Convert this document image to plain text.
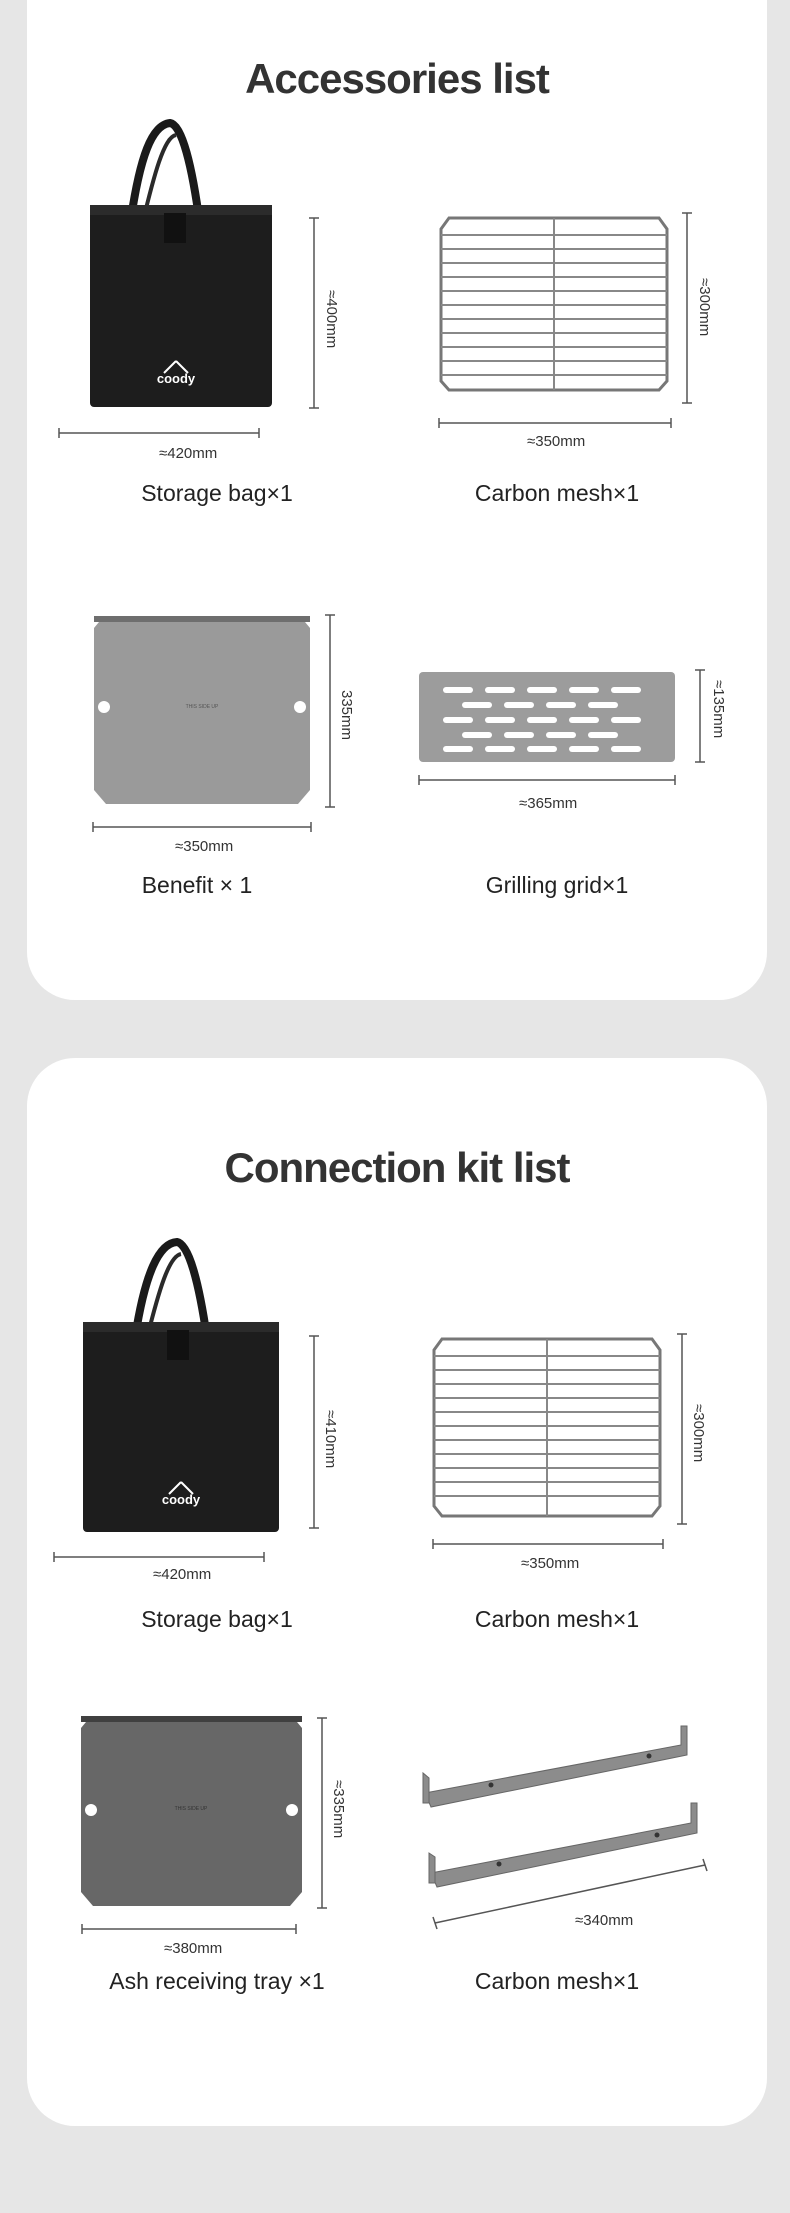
Accessories list
coody
≈420mm
≈400mm
Storage bag×1
≈350mm
≈300mm
Carbon mesh×1
THIS SIDE UP
≈350mm
335mm
Benefit × 1
≈365mm
≈135mm
Grilling grid×1
Connection kit list
coody
≈420mm
≈410mm
Storage bag×1
≈350mm
≈300mm
Carbon mesh×1
THIS SIDE UP
≈380mm
≈335mm
Ash receiving tray ×1
≈340mm
Carbon mesh×1
